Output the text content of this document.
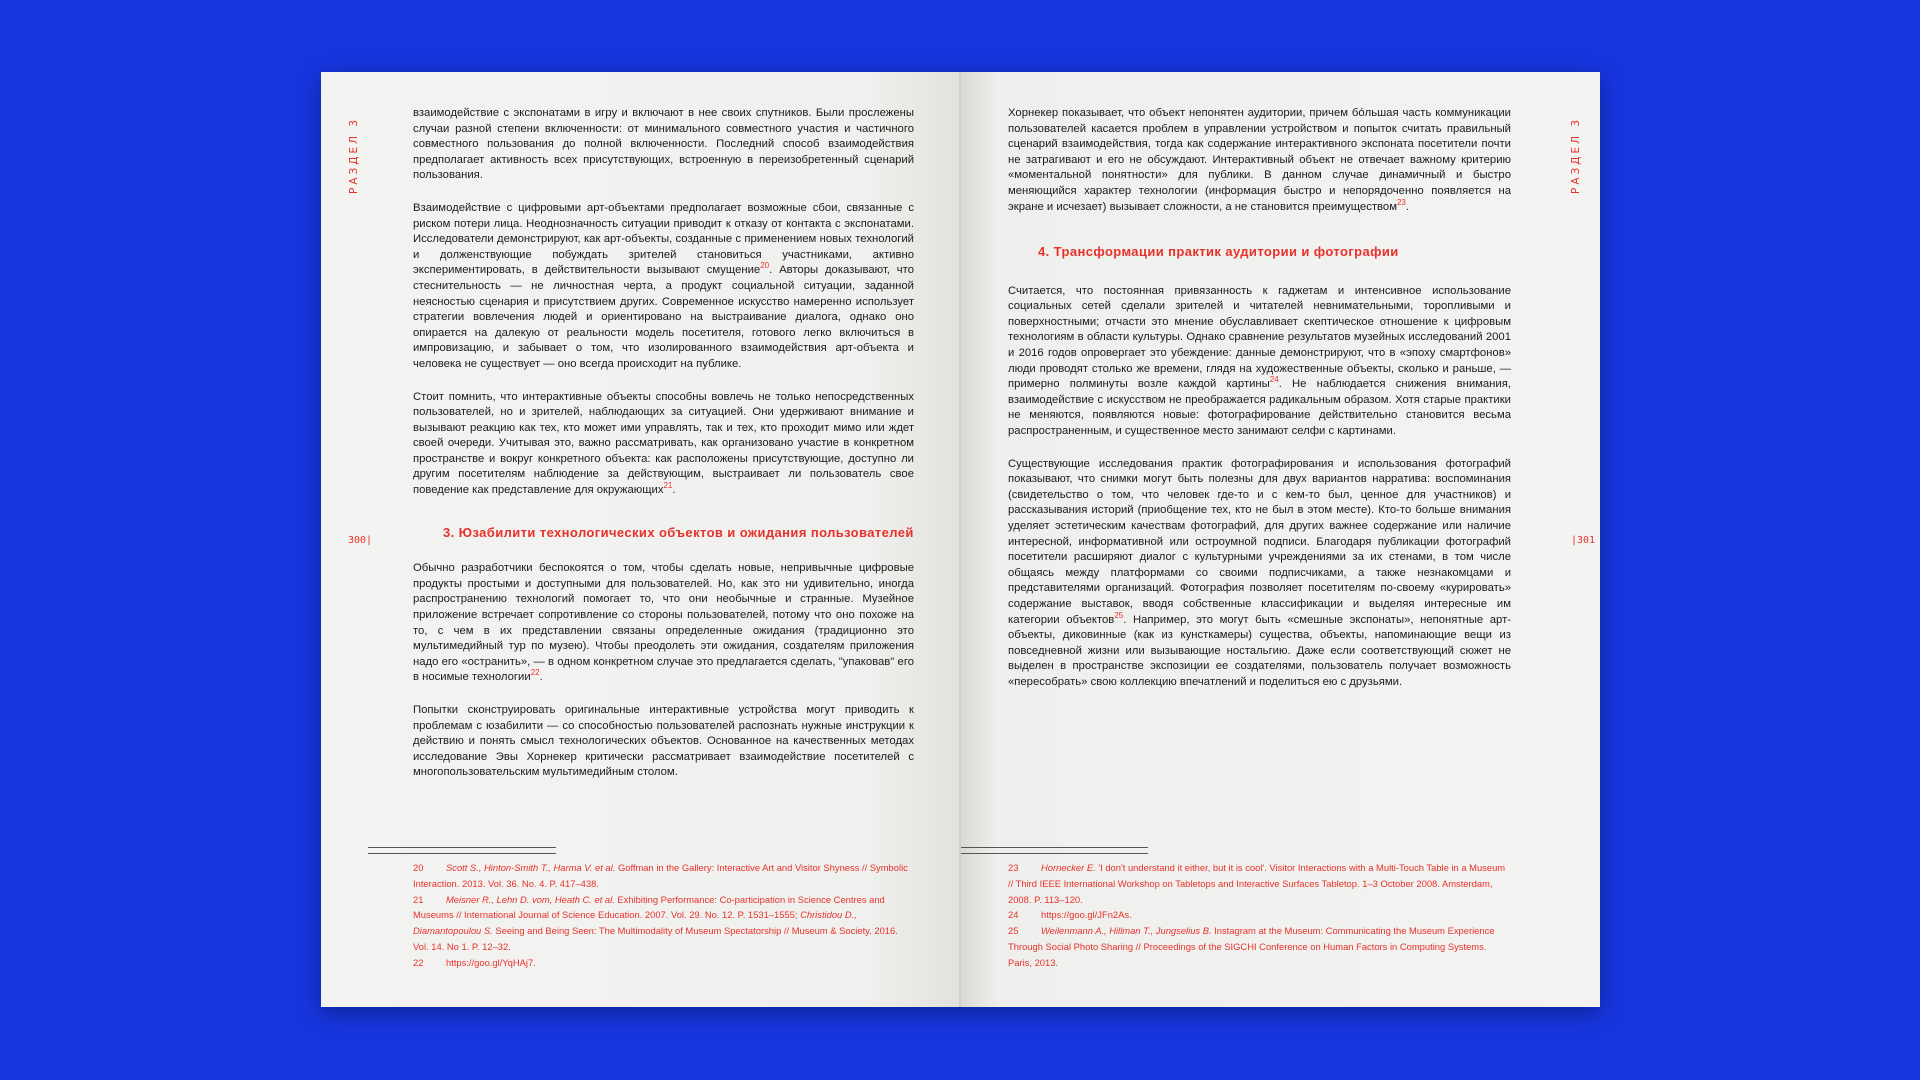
РАЗДЕЛ 3
300|

взаимодействие с экспонатами в игру и включают в нее своих спутников. Были прослежены случаи разной степени включенности: от минимального совместного участия и частичного совместного пользования до полной включенности. Последний способ взаимодействия предполагает активность всех присутствующих, встроенную в переизобретенный сценарий пользования.

Взаимодействие с цифровыми арт-объектами предполагает возможные сбои, связанные с риском потери лица. Неоднозначность ситуации приводит к отказу от контакта с экспонатами. Исследователи демонстрируют, как арт-объекты, созданные с применением новых технологий и долженствующие побуждать зрителей становиться участниками, активно экспериментировать, в действительности вызывают смущение$^{20}$. Авторы доказывают, что стеснительность — не личностная черта, а продукт социальной ситуации, заданной неясностью сценария и присутствием других. Современное искусство намеренно использует стратегии вовлечения людей и ориентировано на выстраивание диалога, однако оно опирается на далекую от реальности модель посетителя, готового легко включиться в импровизацию, и забывает о том, что изолированного взаимодействия арт-объекта и человека не существует — оно всегда происходит на публике.

Стоит помнить, что интерактивные объекты способны вовлечь не только непосредственных пользователей, но и зрителей, наблюдающих за ситуацией. Они удерживают внимание и вызывают реакцию как тех, кто может ими управлять, так и тех, кто проходит мимо или ждет своей очереди. Учитывая это, важно рассматривать, как организовано участие в конкретном пространстве и вокруг конкретного объекта: как расположены присутствующие, доступно ли другим посетителям наблюдение за действующим, выстраивает ли пользователь свое поведение как представление для окружающих$^{21}$.

3. Юзабилити технологических объектов и ожидания пользователей

Обычно разработчики беспокоятся о том, чтобы сделать новые, непривычные цифровые продукты простыми и доступными для пользователей. Но, как это ни удивительно, иногда распространению технологий помогает то, что они необычные и странные. Музейное приложение встречает сопротивление со стороны пользователей, потому что оно похоже на то, с чем в их представлении связаны определенные ожидания (традиционно это мультимедийный тур по музею). Чтобы преодолеть эти ожидания, создателям приложения надо его «остранить», — в одном конкретном случае это предлагается сделать, "упаковав" его в носимые технологии$^{22}$.

Попытки сконструировать оригинальные интерактивные устройства могут приводить к проблемам с юзабилити — со способностью пользователей распознать нужные инструкции к действию и понять смысл технологических объектов. Основанное на качественных методах исследование Эвы Хорнекер критически рассматривает взаимодействие посетителей с многопользовательским мультимедийным столом.

20 Scott S., Hinton-Smith T., Harma V. et al. Goffman in the Gallery: Interactive Art and Visitor Shyness // Symbolic Interaction. 2013. Vol. 36. No. 4. P. 417–438.
21 Meisner R., Lehn D. vom, Heath C. et al. Exhibiting Performance: Co-participation in Science Centres and Museums // International Journal of Science Education. 2007. Vol. 29. No. 12. P. 1531–1555; Christidou D., Diamantopoulou S. Seeing and Being Seen: The Multimodality of Museum Spectatorship // Museum & Society. 2016. Vol. 14. No 1. P. 12–32.
22 https://goo.gl/YqHAj7.
РАЗДЕЛ 3
|301

Хорнекер показывает, что объект непонятен аудитории, причем бóльшая часть коммуникации пользователей касается проблем в управлении устройством и попыток считать правильный сценарий взаимодействия, тогда как содержание интерактивного экспоната посетители почти не затрагивают и его не обсуждают. Интерактивный объект не отвечает важному критерию «моментальной понятности» для публики. В данном случае динамичный и быстро меняющийся характер технологии (информация быстро и непорядоченно появляется на экране и исчезает) вызывает сложности, а не становится преимуществом$^{23}$.

4. Трансформации практик аудитории и фотографии

Считается, что постоянная привязанность к гаджетам и интенсивное использование социальных сетей сделали зрителей и читателей невнимательными, торопливыми и поверхностными; отчасти это мнение обуславливает скептическое отношение к цифровым технологиям в области культуры. Однако сравнение результатов музейных исследований 2001 и 2016 годов опровергает это убеждение: данные демонстрируют, что в «эпоху смартфонов» люди проводят столько же времени, глядя на художественные объекты, сколько и раньше, — примерно полминуты возле каждой картины$^{24}$. Не наблюдается снижения внимания, взаимодействие с искусством не преображается радикальным образом. Хотя старые практики не меняются, появляются новые: фотографирование действительно становится весьма распространенным, и существенное место занимают селфи с картинами.

Существующие исследования практик фотографирования и использования фотографий показывают, что снимки могут быть полезны для двух вариантов нарратива: воспоминания (свидетельство о том, что человек где-то и с кем-то был, ценное для участников) и рассказывания историй (приобщение тех, кто не был в этом месте). Кто-то больше внимания уделяет эстетическим качествам фотографий, для других важнее содержание или наличие интересной, информативной или остроумной подписи. Благодаря публикации фотографий посетители расширяют диалог с культурными учреждениями за их стенами, в том числе общаясь между платформами со своими подписчиками, а также незнакомцами и представителями организаций. Фотография позволяет посетителям по-своему «курировать» содержание выставок, вводя собственные классификации и выделяя интересные им категории объектов$^{25}$. Например, это могут быть «смешные экспонаты», непонятные арт-объекты, диковинные (как из кунсткамеры) существа, объекты, напоминающие вещи из повседневной жизни или вызывающие ностальгию. Даже если соответствующий сюжет не выделен в пространстве экспозиции ее создателями, пользователь получает возможность «пересобрать» свою коллекцию впечатлений и поделиться ею с друзьями.

23 Hornecker E. 'I don't understand it either, but it is cool'. Visitor Interactions with a Multi-Touch Table in a Museum // Third IEEE International Workshop on Tabletops and Interactive Surfaces Tabletop. 1–3 October 2008. Amsterdam, 2008. P. 113–120.
24 https://goo.gl/JFn2As.
25 Weilenmann A., Hillman T., Jungselius B. Instagram at the Museum: Communicating the Museum Experience Through Social Photo Sharing // Proceedings of the SIGCHI Conference on Human Factors in Computing Systems. Paris, 2013.
